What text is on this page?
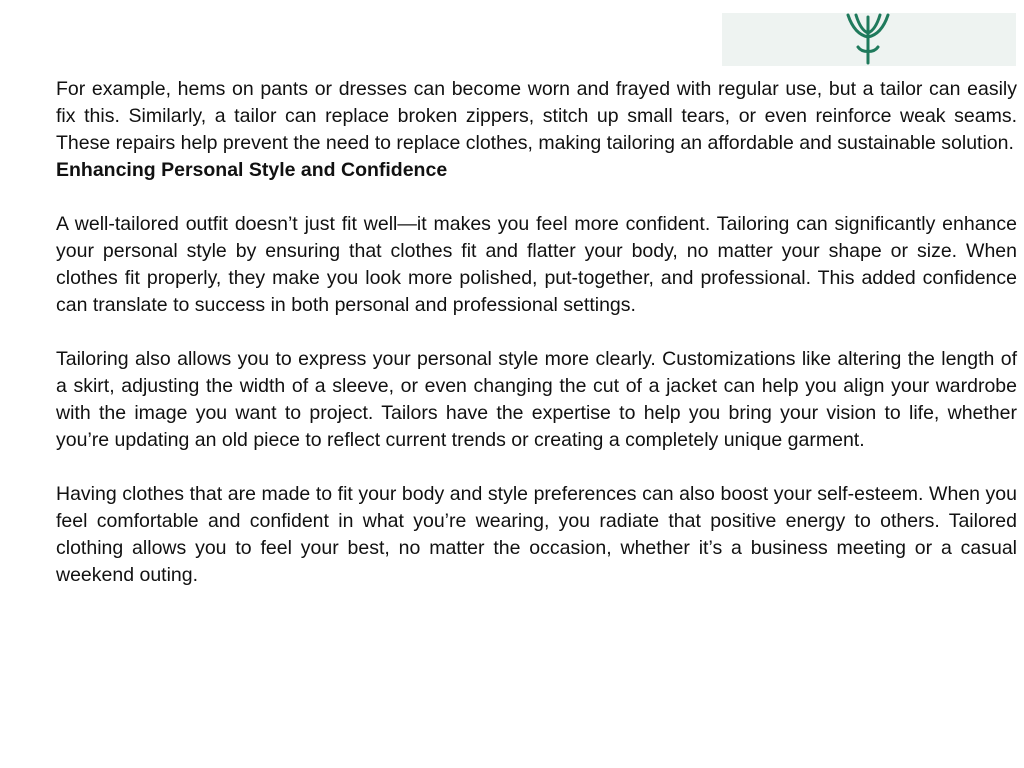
For example, hems on pants or dresses can become worn and frayed with regular use, but a tailor can easily fix this. Similarly, a tailor can replace broken zippers, stitch up small tears, or even reinforce weak seams. These repairs help prevent the need to replace clothes, making tailoring an affordable and sustainable solution.

Enhancing Personal Style and Confidence

A well-tailored outfit doesn’t just fit well—it makes you feel more confident. Tailoring can significantly enhance your personal style by ensuring that clothes fit and flatter your body, no matter your shape or size. When clothes fit properly, they make you look more polished, put-together, and professional. This added confidence can translate to success in both personal and professional settings.

Tailoring also allows you to express your personal style more clearly. Customizations like altering the length of a skirt, adjusting the width of a sleeve, or even changing the cut of a jacket can help you align your wardrobe with the image you want to project. Tailors have the expertise to help you bring your vision to life, whether you’re updating an old piece to reflect current trends or creating a completely unique garment.

Having clothes that are made to fit your body and style preferences can also boost your self-esteem. When you feel comfortable and confident in what you’re wearing, you radiate that positive energy to others. Tailored clothing allows you to feel your best, no matter the occasion, whether it’s a business meeting or a casual weekend outing.
